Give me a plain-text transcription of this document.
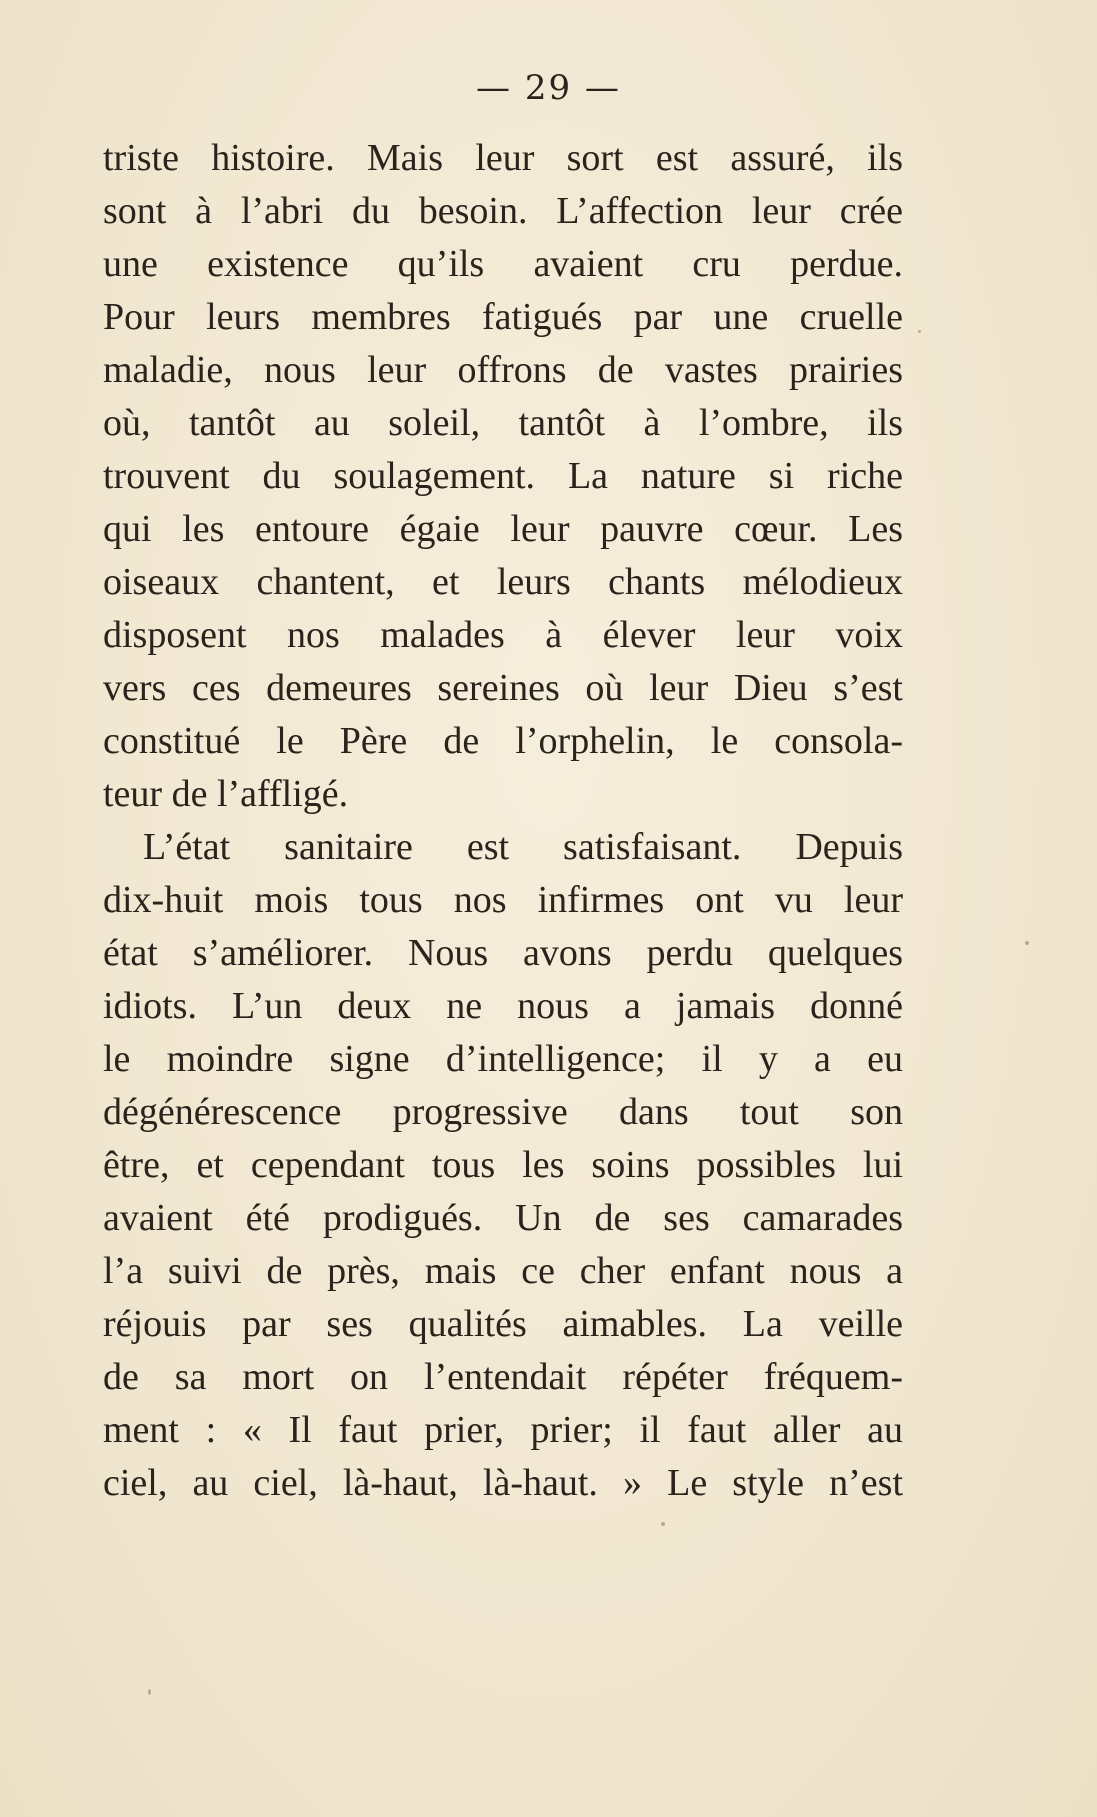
— 29 —
triste histoire. Mais leur sort est assuré, ils
sont à l’abri du besoin. L’affection leur crée
une existence qu’ils avaient cru perdue.
Pour leurs membres fatigués par une cruelle
maladie, nous leur offrons de vastes prairies
où, tantôt au soleil, tantôt à l’ombre, ils
trouvent du soulagement. La nature si riche
qui les entoure égaie leur pauvre cœur. Les
oiseaux chantent, et leurs chants mélodieux
disposent nos malades à élever leur voix
vers ces demeures sereines où leur Dieu s’est
constitué le Père de l’orphelin, le consola-
teur de l’affligé.
L’état sanitaire est satisfaisant. Depuis
dix-huit mois tous nos infirmes ont vu leur
état s’améliorer. Nous avons perdu quelques
idiots. L’un deux ne nous a jamais donné
le moindre signe d’intelligence; il y a eu
dégénérescence progressive dans tout son
être, et cependant tous les soins possibles lui
avaient été prodigués. Un de ses camarades
l’a suivi de près, mais ce cher enfant nous a
réjouis par ses qualités aimables. La veille
de sa mort on l’entendait répéter fréquem-
ment : « Il faut prier, prier; il faut aller au
ciel, au ciel, là-haut, là-haut. » Le style n’est
